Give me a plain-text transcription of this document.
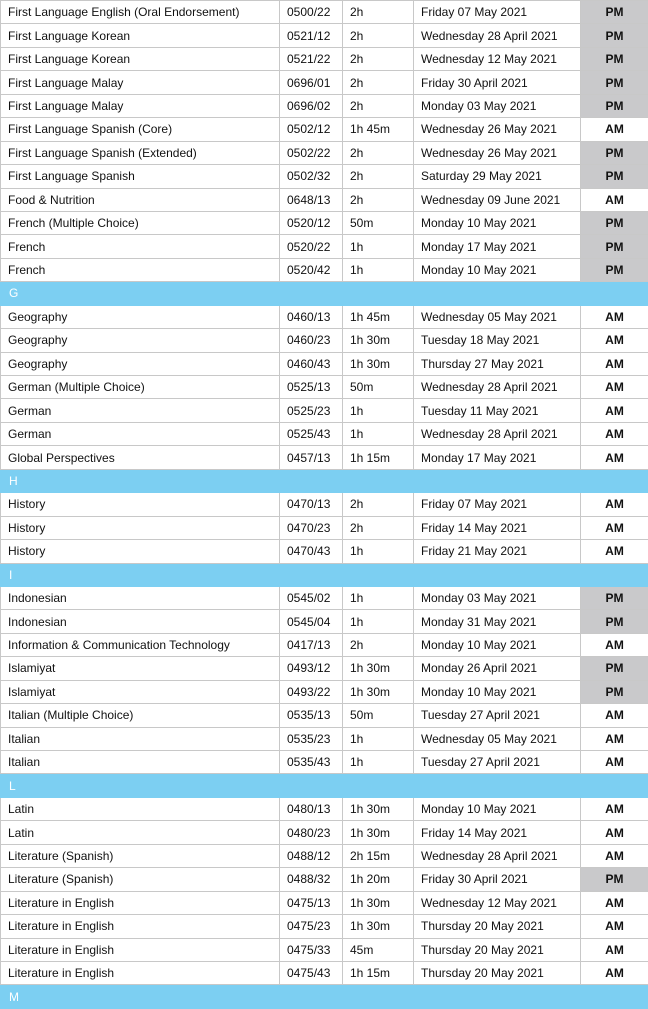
First Language English (Oral Endorsement)	0500/22	2h	Friday 07 May 2021	PM
First Language Korean	0521/12	2h	Wednesday 28 April 2021	PM
First Language Korean	0521/22	2h	Wednesday 12 May 2021	PM
First Language Malay	0696/01	2h	Friday 30 April 2021	PM
First Language Malay	0696/02	2h	Monday 03 May 2021	PM
First Language Spanish (Core)	0502/12	1h 45m	Wednesday 26 May 2021	AM
First Language Spanish (Extended)	0502/22	2h	Wednesday 26 May 2021	PM
First Language Spanish	0502/32	2h	Saturday 29 May 2021	PM
Food & Nutrition	0648/13	2h	Wednesday 09 June 2021	AM
French (Multiple Choice)	0520/12	50m	Monday 10 May 2021	PM
French	0520/22	1h	Monday 17 May 2021	PM
French	0520/42	1h	Monday 10 May 2021	PM
G				
Geography	0460/13	1h 45m	Wednesday 05 May 2021	AM
Geography	0460/23	1h 30m	Tuesday 18 May 2021	AM
Geography	0460/43	1h 30m	Thursday 27 May 2021	AM
German (Multiple Choice)	0525/13	50m	Wednesday 28 April 2021	AM
German	0525/23	1h	Tuesday 11 May 2021	AM
German	0525/43	1h	Wednesday 28 April 2021	AM
Global Perspectives	0457/13	1h 15m	Monday 17 May 2021	AM
H				
History	0470/13	2h	Friday 07 May 2021	AM
History	0470/23	2h	Friday 14 May 2021	AM
History	0470/43	1h	Friday 21 May 2021	AM
I				
Indonesian	0545/02	1h	Monday 03 May 2021	PM
Indonesian	0545/04	1h	Monday 31 May 2021	PM
Information & Communication Technology	0417/13	2h	Monday 10 May 2021	AM
Islamiyat	0493/12	1h 30m	Monday 26 April 2021	PM
Islamiyat	0493/22	1h 30m	Monday 10 May 2021	PM
Italian (Multiple Choice)	0535/13	50m	Tuesday 27 April 2021	AM
Italian	0535/23	1h	Wednesday 05 May 2021	AM
Italian	0535/43	1h	Tuesday 27 April 2021	AM
L				
Latin	0480/13	1h 30m	Monday 10 May 2021	AM
Latin	0480/23	1h 30m	Friday 14 May 2021	AM
Literature (Spanish)	0488/12	2h 15m	Wednesday 28 April 2021	AM
Literature (Spanish)	0488/32	1h 20m	Friday 30 April 2021	PM
Literature in English	0475/13	1h 30m	Wednesday 12 May 2021	AM
Literature in English	0475/23	1h 30m	Thursday 20 May 2021	AM
Literature in English	0475/33	45m	Thursday 20 May 2021	AM
Literature in English	0475/43	1h 15m	Thursday 20 May 2021	AM
M				
